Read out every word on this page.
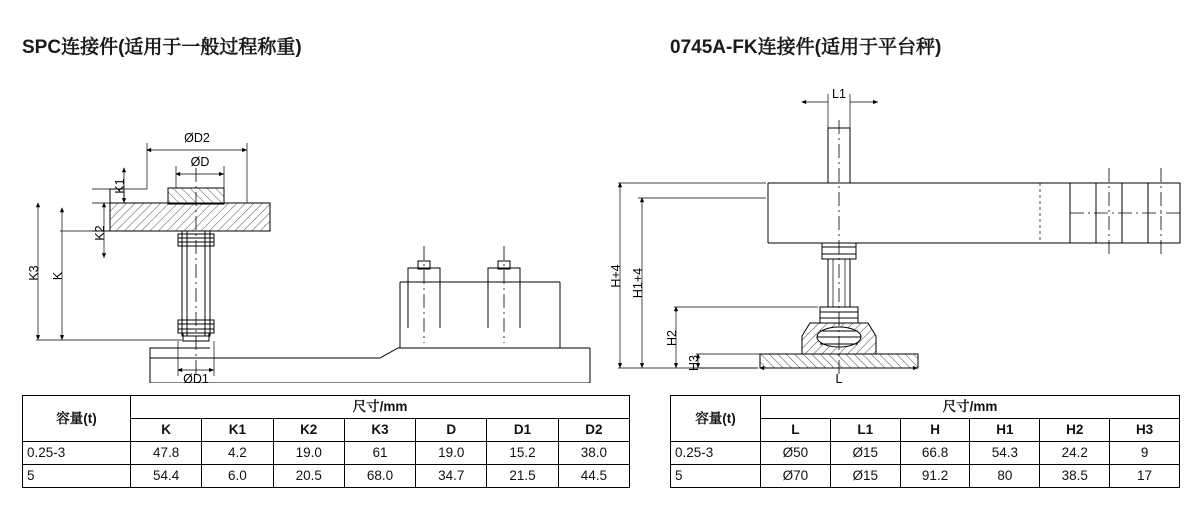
SPC连接件(适用于一般过程称重)
ØD2
ØD
ØD1
K1
K2
K
K3
容量(t)	尺寸/mm						
	K	K1	K2	K3	D	D1	D2
0.25-3	47.8	4.2	19.0	61	19.0	15.2	38.0
5	54.4	6.0	20.5	68.0	34.7	21.5	44.5
0745A-FK连接件(适用于平台秤)
L1
L
H+4 H1+4
H2
H3
容量(t)	尺寸/mm					
	L	L1	H	H1	H2	H3
0.25-3	Ø50	Ø15	66.8	54.3	24.2	9
5	Ø70	Ø15	91.2	80	38.5	17
